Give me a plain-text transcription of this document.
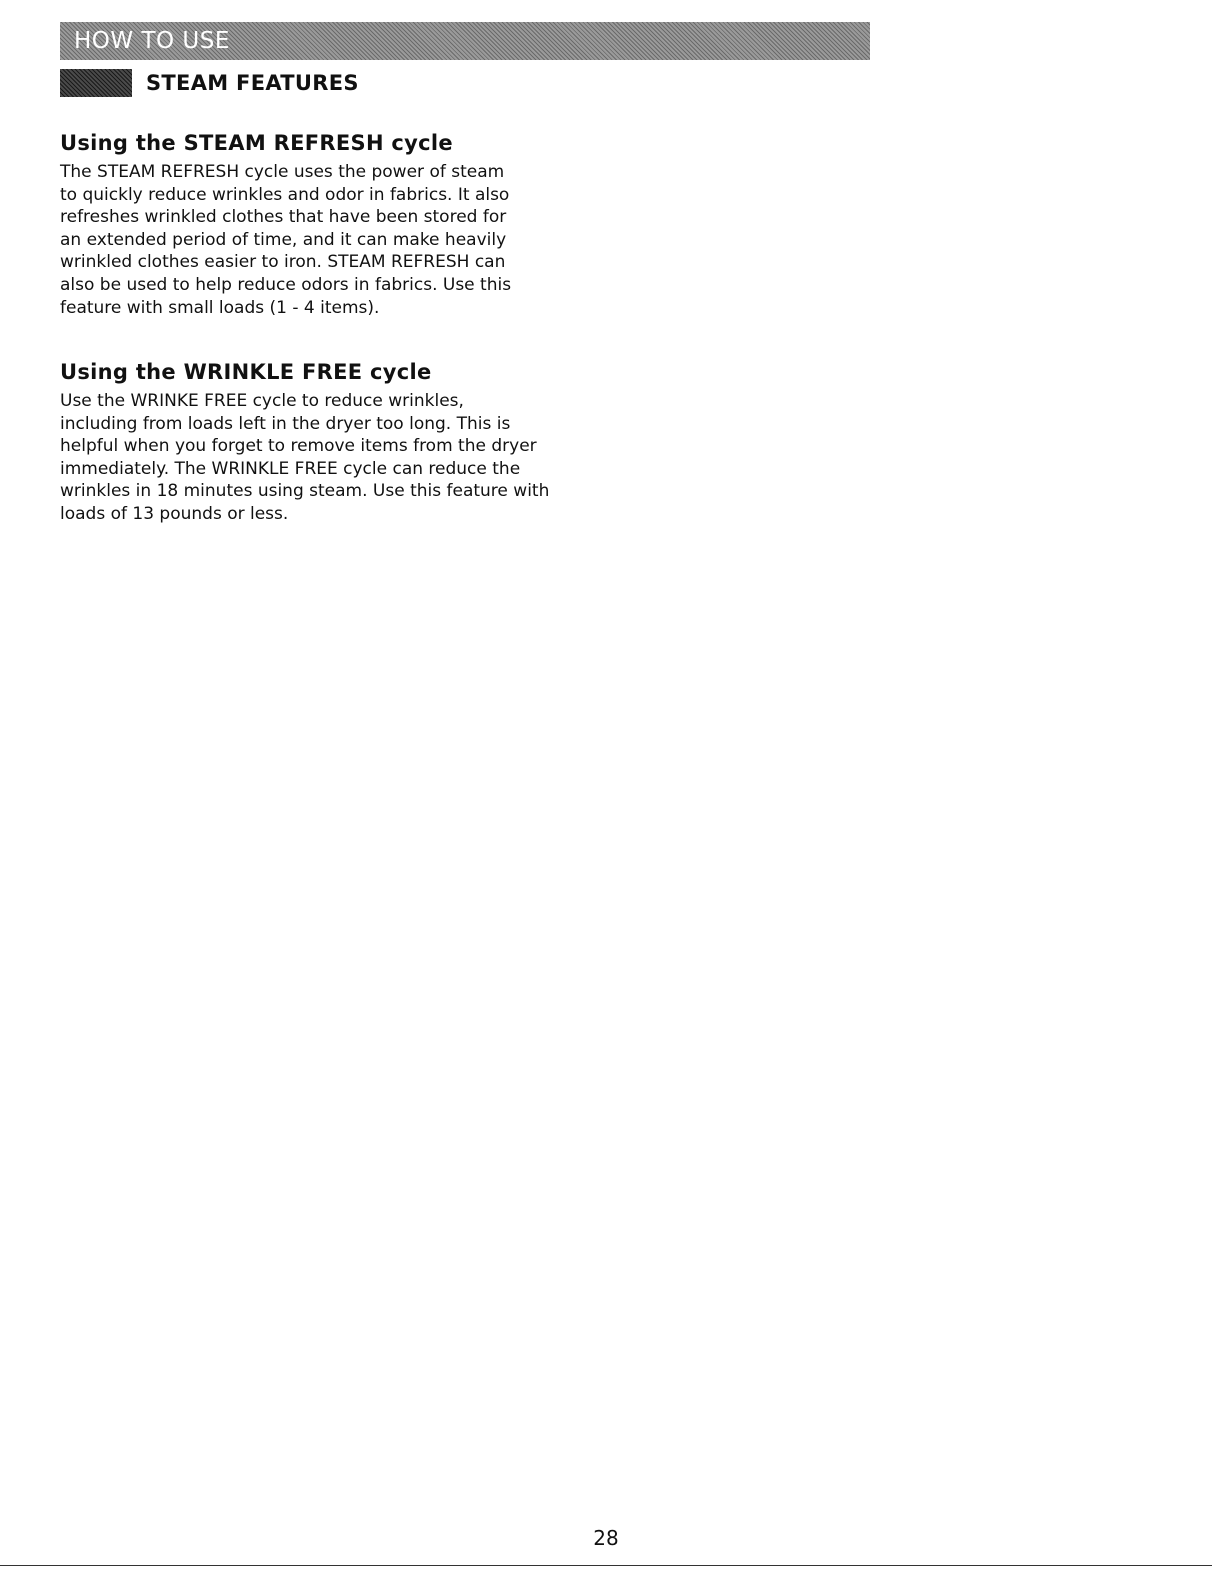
HOW TO USE
STEAM FEATURES
Using the STEAM REFRESH cycle

The STEAM REFRESH cycle uses the power of steam
to quickly reduce wrinkles and odor in fabrics. It also
refreshes wrinkled clothes that have been stored for
an extended period of time, and it can make heavily
wrinkled clothes easier to iron. STEAM REFRESH can
also be used to help reduce odors in fabrics. Use this
feature with small loads (1 - 4 items).

Using the WRINKLE FREE cycle

Use the WRINKE FREE cycle to reduce wrinkles,
including from loads left in the dryer too long. This is
helpful when you forget to remove items from the dryer
immediately. The WRINKLE FREE cycle can reduce the
wrinkles in 18 minutes using steam. Use this feature with
loads of 13 pounds or less.

28
